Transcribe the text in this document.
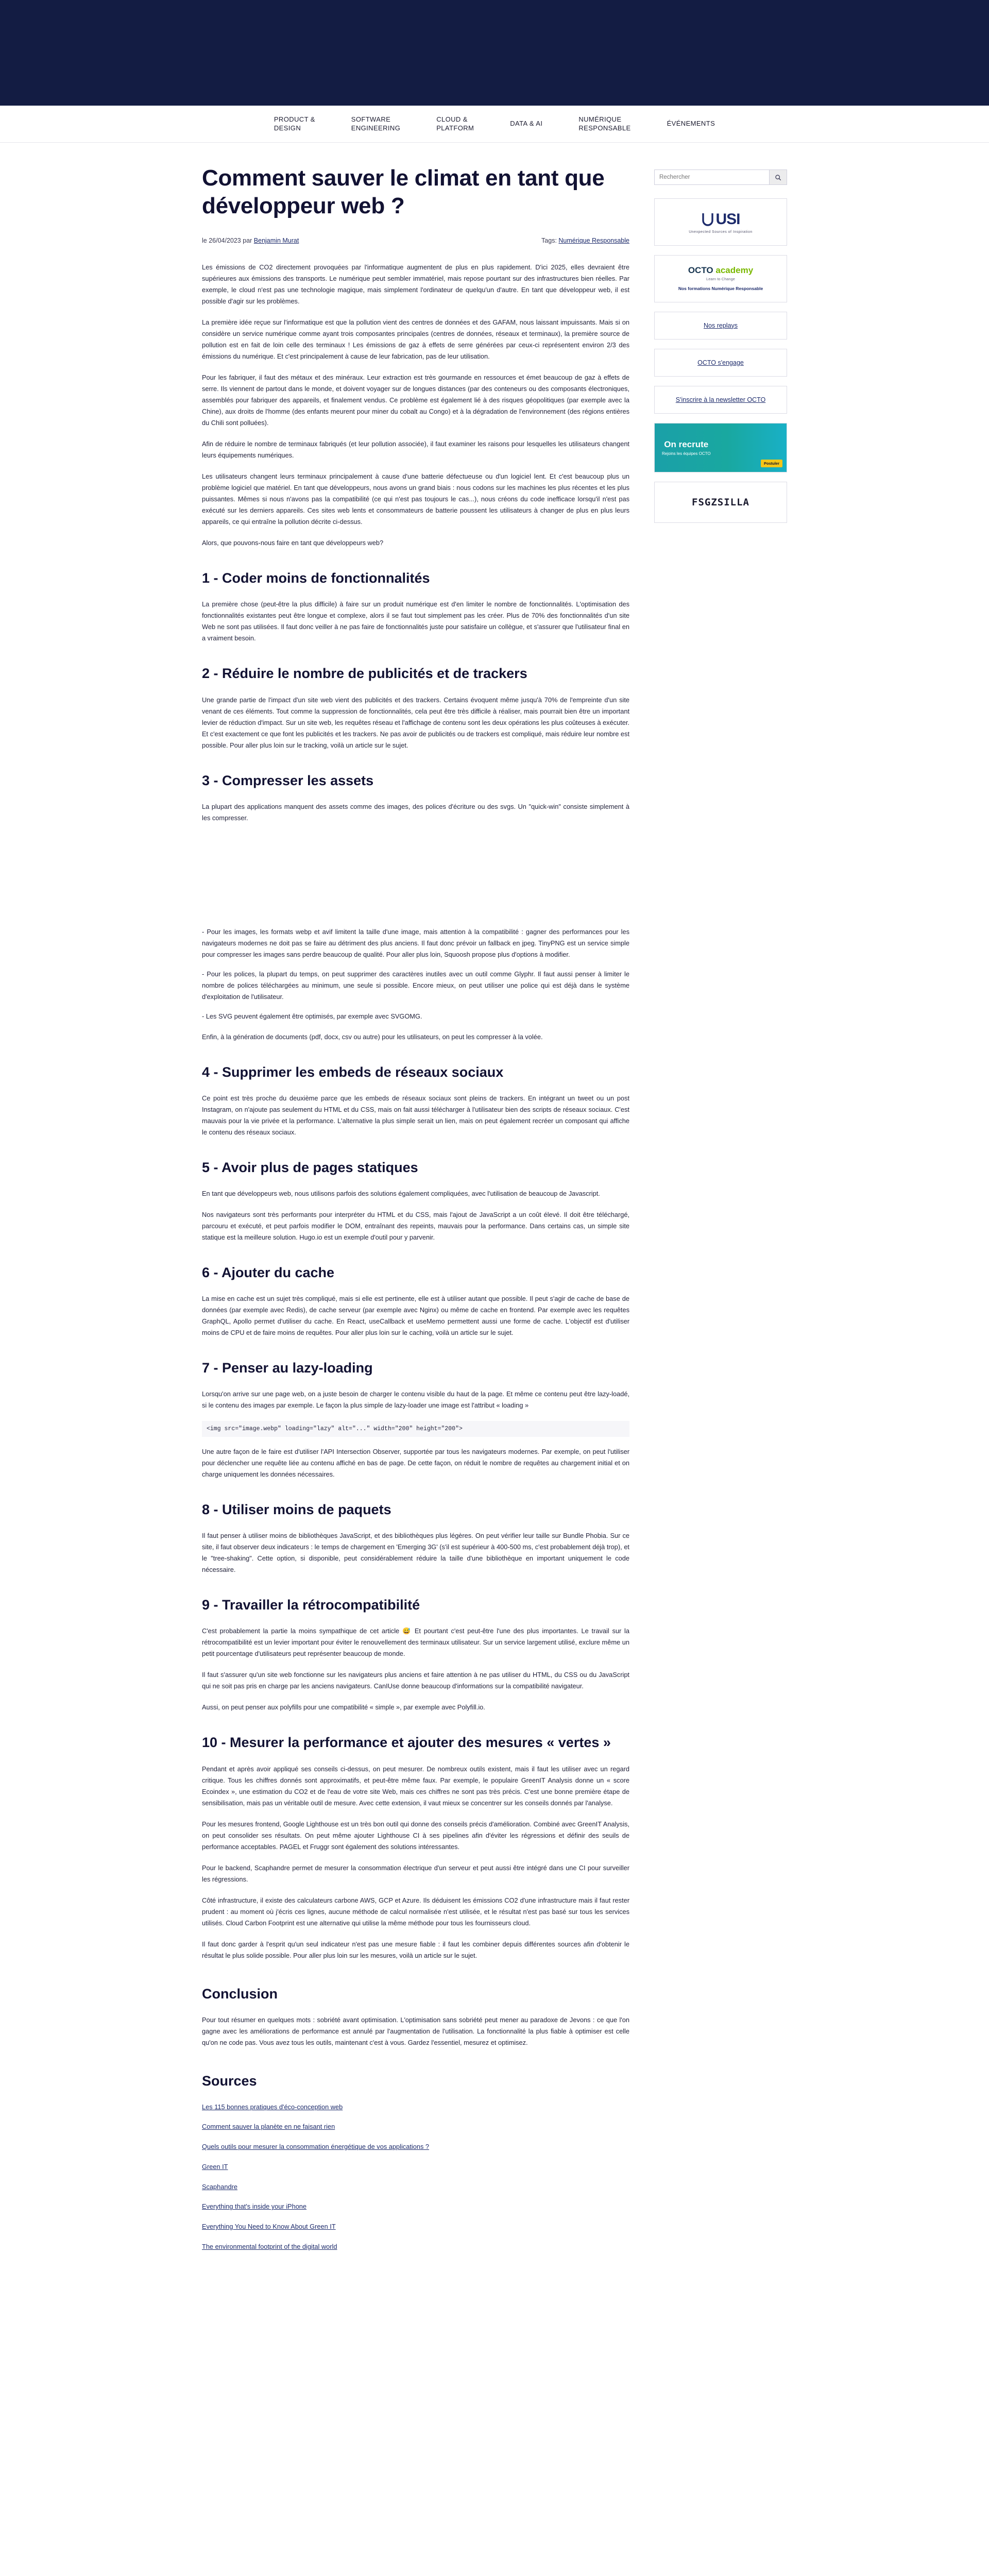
PRODUCT &
DESIGN
SOFTWARE
ENGINEERING
CLOUD &
PLATFORM
DATA & AI
NUMÉRIQUE
RESPONSABLE
ÉVÉNEMENTS
Comment sauver le climat en tant que développeur web ?
le 26/04/2023 par Benjamin Murat	Tags: Numérique Responsable

Les émissions de CO2 directement provoquées par l'informatique augmentent de plus en plus rapidement. D'ici 2025, elles devraient être supérieures aux émissions des transports. Le numérique peut sembler immatériel, mais repose pourtant sur des infrastructures bien réelles. Par exemple, le cloud n'est pas une technologie magique, mais simplement l'ordinateur de quelqu'un d'autre. En tant que développeur web, il est possible d'agir sur les problèmes.

La première idée reçue sur l'informatique est que la pollution vient des centres de données et des GAFAM, nous laissant impuissants. Mais si on considère un service numérique comme ayant trois composantes principales (centres de données, réseaux et terminaux), la première source de pollution est en fait de loin celle des terminaux ! Les émissions de gaz à effets de serre générées par ceux-ci représentent environ 2/3 des émissions du numérique. Et c'est principalement à cause de leur fabrication, pas de leur utilisation.

Pour les fabriquer, il faut des métaux et des minéraux. Leur extraction est très gourmande en ressources et émet beaucoup de gaz à effets de serre. Ils viennent de partout dans le monde, et doivent voyager sur de longues distances (par des conteneurs ou des composants électroniques, assemblés pour fabriquer des appareils, et finalement vendus. Ce problème est également lié à des risques géopolitiques (par exemple avec la Chine), aux droits de l'homme (des enfants meurent pour miner du cobalt au Congo) et à la dégradation de l'environnement (des régions entières du Chili sont polluées).

Afin de réduire le nombre de terminaux fabriqués (et leur pollution associée), il faut examiner les raisons pour lesquelles les utilisateurs changent leurs équipements numériques.

Les utilisateurs changent leurs terminaux principalement à cause d'une batterie défectueuse ou d'un logiciel lent. Et c'est beaucoup plus un problème logiciel que matériel. En tant que développeurs, nous avons un grand biais : nous codons sur les machines les plus récentes et les plus puissantes. Mêmes si nous n'avons pas la compatibilité (ce qui n'est pas toujours le cas...), nous créons du code inefficace lorsqu'il n'est pas exécuté sur les derniers appareils. Ces sites web lents et consommateurs de batterie poussent les utilisateurs à changer de plus en plus leurs appareils, ce qui entraîne la pollution décrite ci-dessus.

Alors, que pouvons-nous faire en tant que développeurs web?

1 - Coder moins de fonctionnalités

La première chose (peut-être la plus difficile) à faire sur un produit numérique est d'en limiter le nombre de fonctionnalités. L'optimisation des fonctionnalités existantes peut être longue et complexe, alors il se faut tout simplement pas les créer. Plus de 70% des fonctionnalités d'un site Web ne sont pas utilisées. Il faut donc veiller à ne pas faire de fonctionnalités juste pour satisfaire un collègue, et s'assurer que l'utilisateur final en a vraiment besoin.

2 - Réduire le nombre de publicités et de trackers

Une grande partie de l'impact d'un site web vient des publicités et des trackers. Certains évoquent même jusqu'à 70% de l'empreinte d'un site venant de ces éléments. Tout comme la suppression de fonctionnalités, cela peut être très difficile à réaliser, mais pourrait bien être un important levier de réduction d'impact. Sur un site web, les requêtes réseau et l'affichage de contenu sont les deux opérations les plus coûteuses à exécuter. Et c'est exactement ce que font les publicités et les trackers. Ne pas avoir de publicités ou de trackers est compliqué, mais réduire leur nombre est possible. Pour aller plus loin sur le tracking, voilà un article sur le sujet.

3 - Compresser les assets

La plupart des applications manquent des assets comme des images, des polices d'écriture ou des svgs. Un "quick-win" consiste simplement à les compresser.

- Pour les images, les formats webp et avif limitent la taille d'une image, mais attention à la compatibilité : gagner des performances pour les navigateurs modernes ne doit pas se faire au détriment des plus anciens. Il faut donc prévoir un fallback en jpeg. TinyPNG est un service simple pour compresser les images sans perdre beaucoup de qualité. Pour aller plus loin, Squoosh propose plus d'options à modifier.
- Pour les polices, la plupart du temps, on peut supprimer des caractères inutiles avec un outil comme Glyphr. Il faut aussi penser à limiter le nombre de polices téléchargées au minimum, une seule si possible. Encore mieux, on peut utiliser une police qui est déjà dans le système d'exploitation de l'utilisateur.
- Les SVG peuvent également être optimisés, par exemple avec SVGOMG.

Enfin, à la génération de documents (pdf, docx, csv ou autre) pour les utilisateurs, on peut les compresser à la volée.

4 - Supprimer les embeds de réseaux sociaux

Ce point est très proche du deuxième parce que les embeds de réseaux sociaux sont pleins de trackers. En intégrant un tweet ou un post Instagram, on n'ajoute pas seulement du HTML et du CSS, mais on fait aussi télécharger à l'utilisateur bien des scripts de réseaux sociaux. C'est mauvais pour la vie privée et la performance. L'alternative la plus simple serait un lien, mais on peut également recréer un composant qui affiche le contenu des réseaux sociaux.

5 - Avoir plus de pages statiques

En tant que développeurs web, nous utilisons parfois des solutions également compliquées, avec l'utilisation de beaucoup de Javascript.

Nos navigateurs sont très performants pour interpréter du HTML et du CSS, mais l'ajout de JavaScript a un coût élevé. Il doit être téléchargé, parcouru et exécuté, et peut parfois modifier le DOM, entraînant des repeints, mauvais pour la performance. Dans certains cas, un simple site statique est la meilleure solution. Hugo.io est un exemple d'outil pour y parvenir.

6 - Ajouter du cache

La mise en cache est un sujet très compliqué, mais si elle est pertinente, elle est à utiliser autant que possible. Il peut s'agir de cache de base de données (par exemple avec Redis), de cache serveur (par exemple avec Nginx) ou même de cache en frontend. Par exemple avec les requêtes GraphQL, Apollo permet d'utiliser du cache. En React, useCallback et useMemo permettent aussi une forme de cache. L'objectif est d'utiliser moins de CPU et de faire moins de requêtes. Pour aller plus loin sur le caching, voilà un article sur le sujet.

7 - Penser au lazy-loading

Lorsqu'on arrive sur une page web, on a juste besoin de charger le contenu visible du haut de la page. Et même ce contenu peut être lazy-loadé, si le contenu des images par exemple. Le façon la plus simple de lazy-loader une image est l'attribut « loading »

<img src="image.webp" loading="lazy" alt="..." width="200" height="200">

Une autre façon de le faire est d'utiliser l'API Intersection Observer, supportée par tous les navigateurs modernes. Par exemple, on peut l'utiliser pour déclencher une requête liée au contenu affiché en bas de page. De cette façon, on réduit le nombre de requêtes au chargement initial et on charge uniquement les données nécessaires.

8 - Utiliser moins de paquets

Il faut penser à utiliser moins de bibliothèques JavaScript, et des bibliothèques plus légères. On peut vérifier leur taille sur Bundle Phobia. Sur ce site, il faut observer deux indicateurs : le temps de chargement en 'Emerging 3G' (s'il est supérieur à 400-500 ms, c'est probablement déjà trop), et le "tree-shaking". Cette option, si disponible, peut considérablement réduire la taille d'une bibliothèque en important uniquement le code nécessaire.

9 - Travailler la rétrocompatibilité

C'est probablement la partie la moins sympathique de cet article 😅 Et pourtant c'est peut-être l'une des plus importantes. Le travail sur la rétrocompatibilité est un levier important pour éviter le renouvellement des terminaux utilisateur. Sur un service largement utilisé, exclure même un petit pourcentage d'utilisateurs peut représenter beaucoup de monde.

Il faut s'assurer qu'un site web fonctionne sur les navigateurs plus anciens et faire attention à ne pas utiliser du HTML, du CSS ou du JavaScript qui ne soit pas pris en charge par les anciens navigateurs. CanIUse donne beaucoup d'informations sur la compatibilité navigateur.

Aussi, on peut penser aux polyfills pour une compatibilité « simple », par exemple avec Polyfill.io.

10 - Mesurer la performance et ajouter des mesures « vertes »

Pendant et après avoir appliqué ses conseils ci-dessus, on peut mesurer. De nombreux outils existent, mais il faut les utiliser avec un regard critique. Tous les chiffres donnés sont approximatifs, et peut-être même faux. Par exemple, le populaire GreenIT Analysis donne un « score Ecoindex », une estimation du CO2 et de l'eau de votre site Web, mais ces chiffres ne sont pas très précis. C'est une bonne première étape de sensibilisation, mais pas un véritable outil de mesure. Avec cette extension, il vaut mieux se concentrer sur les conseils donnés par l'analyse.

Pour les mesures frontend, Google Lighthouse est un très bon outil qui donne des conseils précis d'amélioration. Combiné avec GreenIT Analysis, on peut consolider ses résultats. On peut même ajouter Lighthouse CI à ses pipelines afin d'éviter les régressions et définir des seuils de performance acceptables. PAGEL et Fruggr sont également des solutions intéressantes.

Pour le backend, Scaphandre permet de mesurer la consommation électrique d'un serveur et peut aussi être intégré dans une CI pour surveiller les régressions.

Côté infrastructure, il existe des calculateurs carbone AWS, GCP et Azure. Ils déduisent les émissions CO2 d'une infrastructure mais il faut rester prudent : au moment où j'écris ces lignes, aucune méthode de calcul normalisée n'est utilisée, et le résultat n'est pas basé sur tous les services utilisés. Cloud Carbon Footprint est une alternative qui utilise la même méthode pour tous les fournisseurs cloud.

Il faut donc garder à l'esprit qu'un seul indicateur n'est pas une mesure fiable : il faut les combiner depuis différentes sources afin d'obtenir le résultat le plus solide possible. Pour aller plus loin sur les mesures, voilà un article sur le sujet.

Conclusion

Pour tout résumer en quelques mots : sobriété avant optimisation. L'optimisation sans sobriété peut mener au paradoxe de Jevons : ce que l'on gagne avec les améliorations de performance est annulé par l'augmentation de l'utilisation. La fonctionnalité la plus fiable à optimiser est celle qu'on ne code pas. Vous avez tous les outils, maintenant c'est à vous. Gardez l'essentiel, mesurez et optimisez.

Sources
Les 115 bonnes pratiques d'éco-conception web
Comment sauver la planète en ne faisant rien
Quels outils pour mesurer la consommation énergétique de vos applications ?
Green IT
Scaphandre
Everything that's inside your iPhone
Everything You Need to Know About Green IT
The environmental footprint of the digital world
Rechercher
USI
Unexpected Sources of Inspiration
OCTO academy
Learn to Change
Nos formations Numérique Responsable
Nos replays
OCTO s'engage
S'inscrire à la newsletter OCTO
On recrute
Rejoins les équipes OCTO
Postuler
FSGZSILLA
